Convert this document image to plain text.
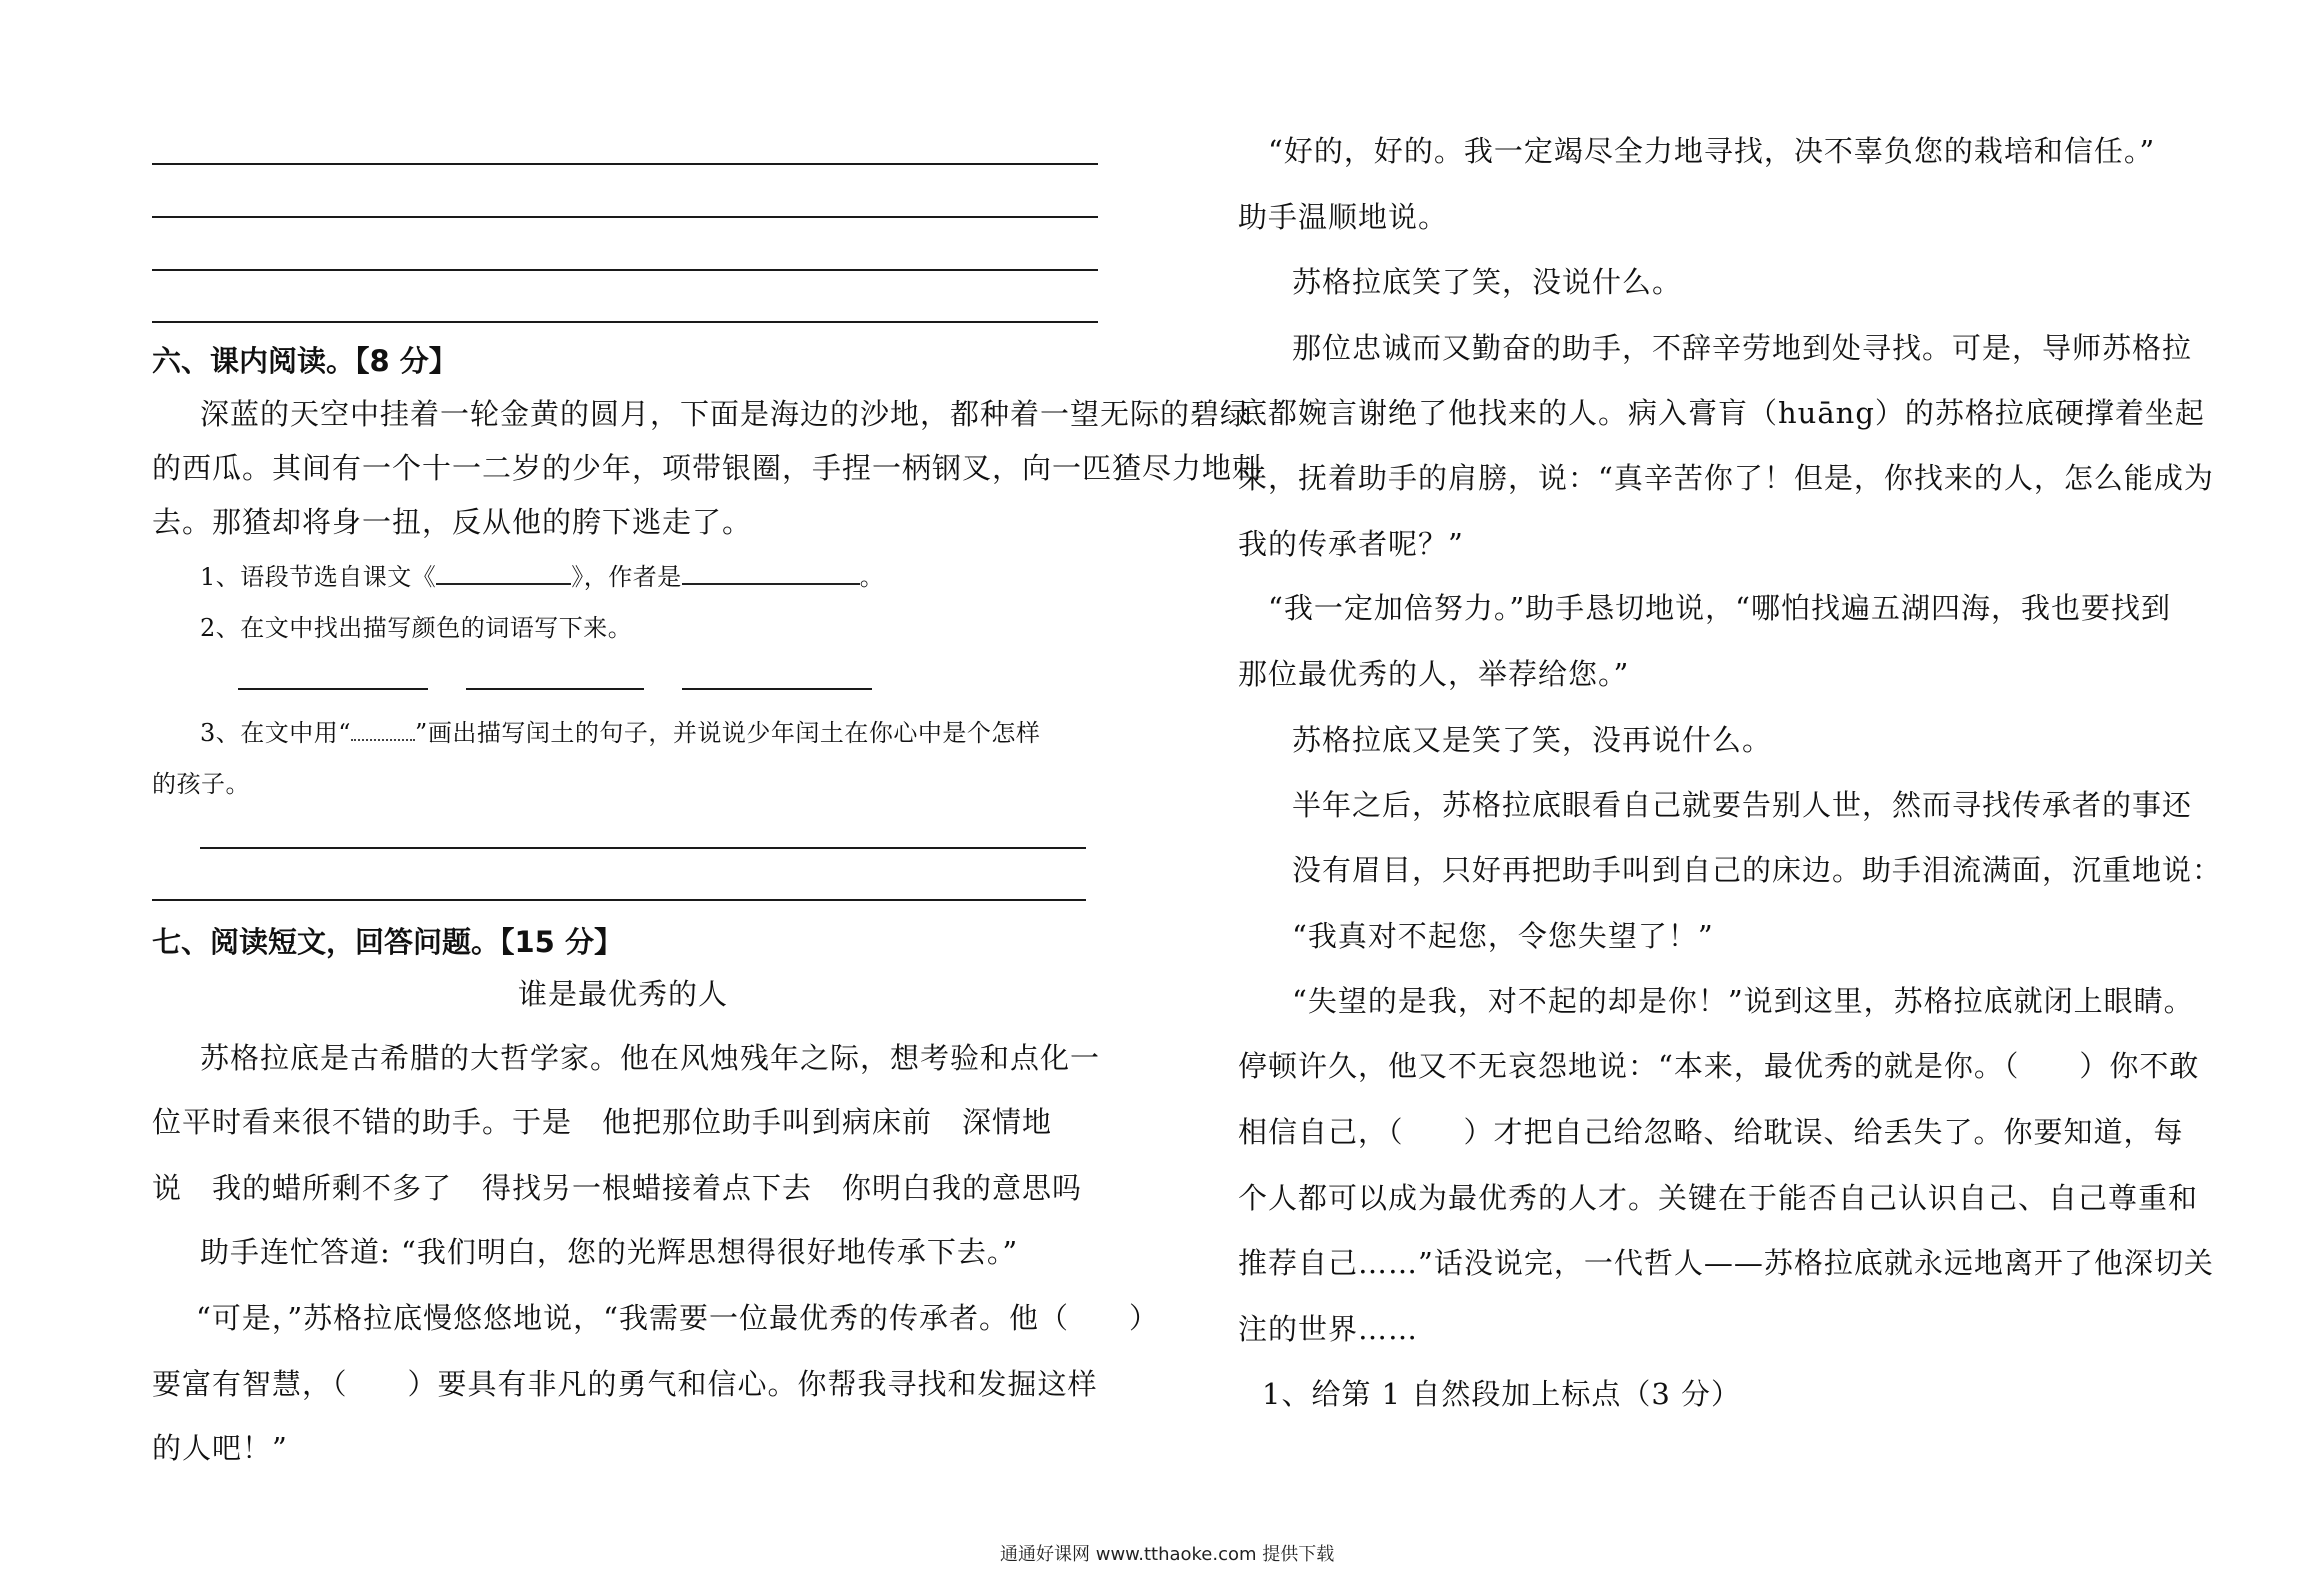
六、课内阅读。【8 分】
深蓝的天空中挂着一轮金黄的圆月，下面是海边的沙地，都种着一望无际的碧绿
的西瓜。其间有一个十一二岁的少年，项带银圈，手捏一柄钢叉，向一匹猹尽力地刺
去。那猹却将身一扭，反从他的胯下逃走了。
1、语段节选自课文《	》，作者是	。
2、在文中找出描写颜色的词语写下来。
3、在文中用“	”画出描写闰土的句子，并说说少年闰土在你心中是个怎样
的孩子。
七、阅读短文，回答问题。【15 分】
谁是最优秀的人
苏格拉底是古希腊的大哲学家。他在风烛残年之际，想考验和点化一
位平时看来很不错的助手。于是　他把那位助手叫到病床前　深情地
说　我的蜡所剩不多了　得找另一根蜡接着点下去　你明白我的意思吗
助手连忙答道: “我们明白，您的光辉思想得很好地传承下去。”
“可是，”苏格拉底慢悠悠地说，“我需要一位最优秀的传承者。他（　　）
要富有智慧，（　　）要具有非凡的勇气和信心。你帮我寻找和发掘这样
的人吧！”
“好的，好的。我一定竭尽全力地寻找，决不辜负您的栽培和信任。”
助手温顺地说。
苏格拉底笑了笑，没说什么。
那位忠诚而又勤奋的助手，不辞辛劳地到处寻找。可是，导师苏格拉
底都婉言谢绝了他找来的人。病入膏肓（huāng）的苏格拉底硬撑着坐起
来，抚着助手的肩膀，说：“真辛苦你了！但是，你找来的人，怎么能成为
我的传承者呢？”
“我一定加倍努力。”助手恳切地说，“哪怕找遍五湖四海，我也要找到
那位最优秀的人，举荐给您。”
苏格拉底又是笑了笑，没再说什么。
半年之后，苏格拉底眼看自己就要告别人世，然而寻找传承者的事还
没有眉目，只好再把助手叫到自己的床边。助手泪流满面，沉重地说：
“我真对不起您，令您失望了！”
“失望的是我，对不起的却是你！”说到这里，苏格拉底就闭上眼睛。
停顿许久，他又不无哀怨地说：“本来，最优秀的就是你。（　　）你不敢
相信自己，（　　）才把自己给忽略、给耽误、给丢失了。你要知道，每
个人都可以成为最优秀的人才。关键在于能否自己认识自己、自己尊重和
推荐自己……”话没说完，一代哲人——苏格拉底就永远地离开了他深切关
注的世界……
1、给第 1 自然段加上标点（3 分）
通通好课网 www.tthaoke.com 提供下载
